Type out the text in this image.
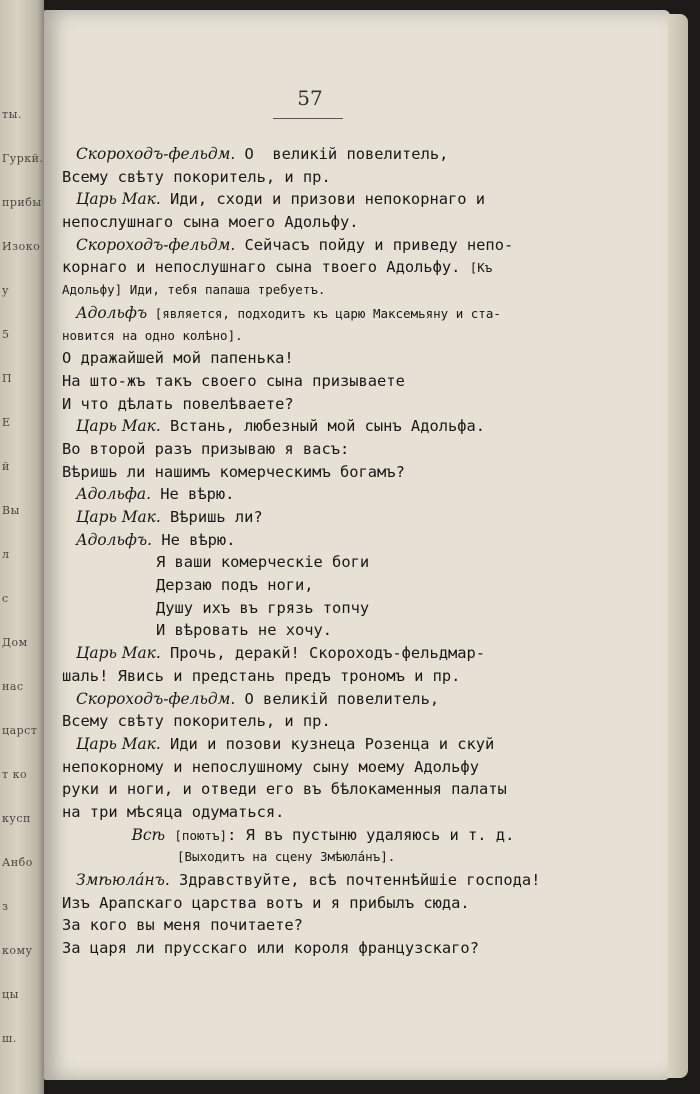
ты.
Гуркй.
прибы
Изоко
у
5
П
Е
й
Вы
л
с
Дом
нас
царст
т ко
кусп
Анбо
з
кому
цы
ш.
57
Скороходъ-фельдм. О  великій повелитель,
Всему свѣту покоритель, и пр.
Царь Мак. Иди, сходи и призови непокорнаго и
непослушнаго сына моего Адольфу.
Скороходъ-фельдм. Сейчасъ пойду и приведу непо-
корнаго и непослушнаго сына твоего Адольфу. [Къ
Адольфу] Иди, тебя папаша требуетъ.
Адольфъ [является, подходитъ къ царю Максемьяну и ста-
новится на одно колѣно].
О дражайшей мой папенька!
На што-жъ такъ своего сына призываете
И что дѣлать повелѣваете?
Царь Мак. Встань, любезный мой сынъ Адольфа.
Во второй разъ призываю я васъ:
Вѣришь ли нашимъ комерческимъ богамъ?
Адольфа. Не вѣрю.
Царь Мак. Вѣришь ли?
Адольфъ. Не вѣрю.
Я ваши комерческіе боги
Дерзаю подъ ноги,
Душу ихъ въ грязь топчу
И вѣровать не хочу.
Царь Мак. Прочь, деракй! Скороходъ-фельдмар-
шаль! Явись и предстань предъ трономъ и пр.
Скороходъ-фельдм. О великій повелитель,
Всему свѣту покоритель, и пр.
Царь Мак. Иди и позови кузнеца Розенца и скуй
непокорному и непослушному сыну моему Адольфу
руки и ноги, и отведи его въ бѣлокаменныя палаты
на три мѣсяца одуматься.
Всѣ [поютъ]: Я въ пустыню удаляюсь и т. д.
[Выходитъ на сцену Змѣюлáнъ].
Змѣюлáнъ. Здравствуйте, всѣ почтеннѣйшіе господа!
Изъ Арапскаго царства вотъ и я прибылъ сюда.
За кого вы меня почитаете?
За царя ли прусскаго или короля французскаго?
